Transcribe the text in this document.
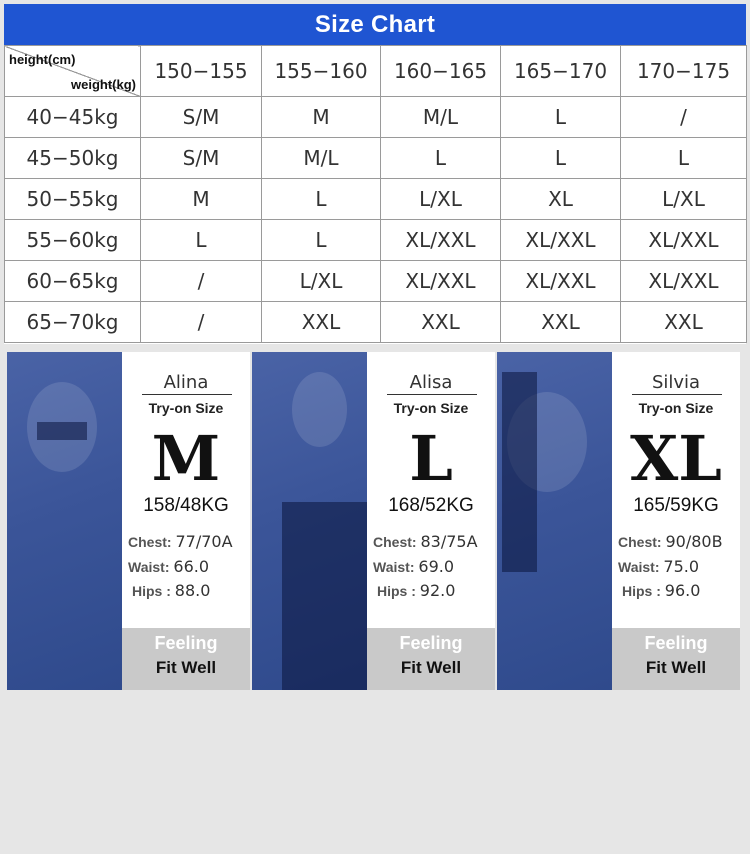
Size Chart
height(cm)
weight(kg)	150−155	155−160	160−165	165−170	170−175
40−45kg	S/M	M	M/L	L	/
45−50kg	S/M	M/L	L	L	L
50−55kg	M	L	L/XL	XL	L/XL
55−60kg	L	L	XL/XXL	XL/XXL	XL/XXL
60−65kg	/	L/XL	XL/XXL	XL/XXL	XL/XXL
65−70kg	/	XXL	XXL	XXL	XXL
Alina
Try-on Size
M
158/48KG
Chest: 77/70A
Waist: 66.0
Hips : 88.0
Feeling
Fit Well
Alisa
Try-on Size
L
168/52KG
Chest: 83/75A
Waist: 69.0
Hips : 92.0
Feeling
Fit Well
Silvia
Try-on Size
XL
165/59KG
Chest: 90/80B
Waist: 75.0
Hips : 96.0
Feeling
Fit Well
